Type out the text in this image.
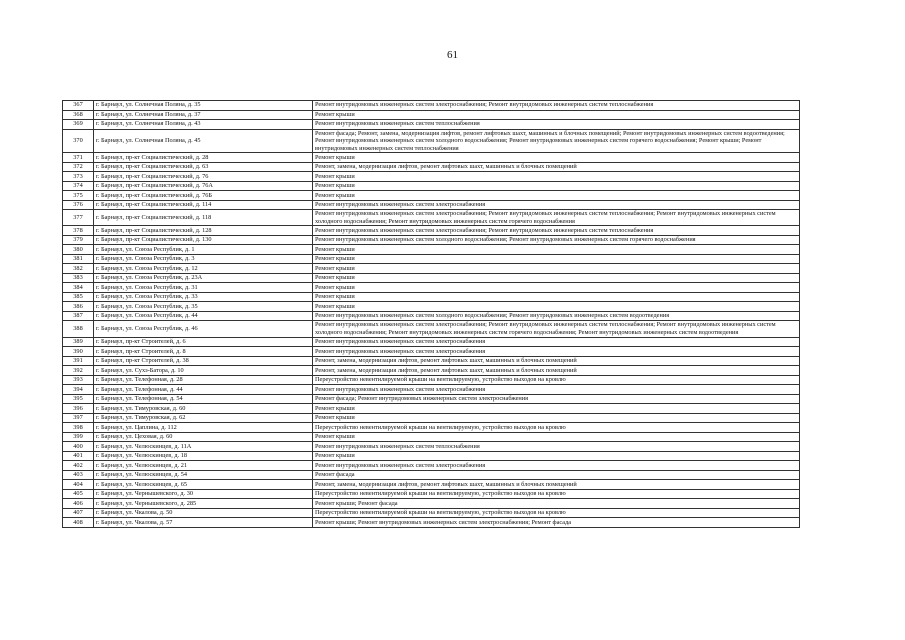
61
367	г. Барнаул, ул. Солнечная Поляна, д. 35	Ремонт внутридомовых инженерных систем электроснабжения; Ремонт внутридомовых инженерных систем теплоснабжения
368	г. Барнаул, ул. Солнечная Поляна, д. 37	Ремонт крыши
369	г. Барнаул, ул. Солнечная Поляна, д. 43	Ремонт внутридомовых инженерных систем теплоснабжения
370	г. Барнаул, ул. Солнечная Поляна, д. 45	Ремонт фасада; Ремонт, замена, модернизация лифтов, ремонт лифтовых шахт, машинных и блочных помещений; Ремонт внутридомовых инженерных систем водоотведения; Ремонт внутридомовых инженерных систем холодного водоснабжения; Ремонт внутридомовых инженерных систем горячего водоснабжения; Ремонт крыши; Ремонт внутридомовых инженерных систем теплоснабжения
371	г. Барнаул, пр-кт Социалистический, д. 28	Ремонт крыши
372	г. Барнаул, пр-кт Социалистический, д. 63	Ремонт, замена, модернизация лифтов, ремонт лифтовых шахт, машинных и блочных помещений
373	г. Барнаул, пр-кт Социалистический, д. 76	Ремонт крыши
374	г. Барнаул, пр-кт Социалистический, д. 76А	Ремонт крыши
375	г. Барнаул, пр-кт Социалистический, д. 76Б	Ремонт крыши
376	г. Барнаул, пр-кт Социалистический, д. 114	Ремонт внутридомовых инженерных систем электроснабжения
377	г. Барнаул, пр-кт Социалистический, д. 118	Ремонт внутридомовых инженерных систем электроснабжения; Ремонт внутридомовых инженерных систем теплоснабжения; Ремонт внутридомовых инженерных систем холодного водоснабжения; Ремонт внутридомовых инженерных систем горячего водоснабжения
378	г. Барнаул, пр-кт Социалистический, д. 128	Ремонт внутридомовых инженерных систем электроснабжения; Ремонт внутридомовых инженерных систем теплоснабжения
379	г. Барнаул, пр-кт Социалистический, д. 130	Ремонт внутридомовых инженерных систем холодного водоснабжения; Ремонт внутридомовых инженерных систем горячего водоснабжения
380	г. Барнаул, ул. Союза Республик, д. 1	Ремонт крыши
381	г. Барнаул, ул. Союза Республик, д. 3	Ремонт крыши
382	г. Барнаул, ул. Союза Республик, д. 12	Ремонт крыши
383	г. Барнаул, ул. Союза Республик, д. 23А	Ремонт крыши
384	г. Барнаул, ул. Союза Республик, д. 31	Ремонт крыши
385	г. Барнаул, ул. Союза Республик, д. 33	Ремонт крыши
386	г. Барнаул, ул. Союза Республик, д. 35	Ремонт крыши
387	г. Барнаул, ул. Союза Республик, д. 44	Ремонт внутридомовых инженерных систем холодного водоснабжения; Ремонт внутридомовых инженерных систем водоотведения
388	г. Барнаул, ул. Союза Республик, д. 46	Ремонт внутридомовых инженерных систем электроснабжения; Ремонт внутридомовых инженерных систем теплоснабжения; Ремонт внутридомовых инженерных систем холодного водоснабжения; Ремонт внутридомовых инженерных систем горячего водоснабжения; Ремонт внутридомовых инженерных систем водоотведения
389	г. Барнаул, пр-кт Строителей, д. 6	Ремонт внутридомовых инженерных систем электроснабжения
390	г. Барнаул, пр-кт Строителей, д. 8	Ремонт внутридомовых инженерных систем электроснабжения
391	г. Барнаул, пр-кт Строителей, д. 38	Ремонт, замена, модернизация лифтов, ремонт лифтовых шахт, машинных и блочных помещений
392	г. Барнаул, ул. Сухэ-Батора, д. 10	Ремонт, замена, модернизация лифтов, ремонт лифтовых шахт, машинных и блочных помещений
393	г. Барнаул, ул. Телефонная, д. 28	Переустройство невентилируемой крыши на вентилируемую, устройство выходов на кровлю
394	г. Барнаул, ул. Телефонная, д. 44	Ремонт внутридомовых инженерных систем электроснабжения
395	г. Барнаул, ул. Телефонная, д. 54	Ремонт фасада; Ремонт внутридомовых инженерных систем электроснабжения
396	г. Барнаул, ул. Тимуровская, д. 60	Ремонт крыши
397	г. Барнаул, ул. Тимуровская, д. 62	Ремонт крыши
398	г. Барнаул, ул. Цаплина, д. 112	Переустройство невентилируемой крыши на вентилируемую, устройство выходов на кровлю
399	г. Барнаул, ул. Цеховая, д. 60	Ремонт крыши
400	г. Барнаул, ул. Челюскинцев, д. 11А	Ремонт внутридомовых инженерных систем теплоснабжения
401	г. Барнаул, ул. Челюскинцев, д. 18	Ремонт крыши
402	г. Барнаул, ул. Челюскинцев, д. 21	Ремонт внутридомовых инженерных систем электроснабжения
403	г. Барнаул, ул. Челюскинцев, д. 54	Ремонт фасада
404	г. Барнаул, ул. Челюскинцев, д. 65	Ремонт, замена, модернизация лифтов, ремонт лифтовых шахт, машинных и блочных помещений
405	г. Барнаул, ул. Чернышевского, д. 30	Переустройство невентилируемой крыши на вентилируемую, устройство выходов на кровлю
406	г. Барнаул, ул. Чернышевского, д. 285	Ремонт крыши; Ремонт фасада
407	г. Барнаул, ул. Чкалова, д. 50	Переустройство невентилируемой крыши на вентилируемую, устройство выходов на кровлю
408	г. Барнаул, ул. Чкалова, д. 57	Ремонт крыши; Ремонт внутридомовых инженерных систем электроснабжения; Ремонт фасада
